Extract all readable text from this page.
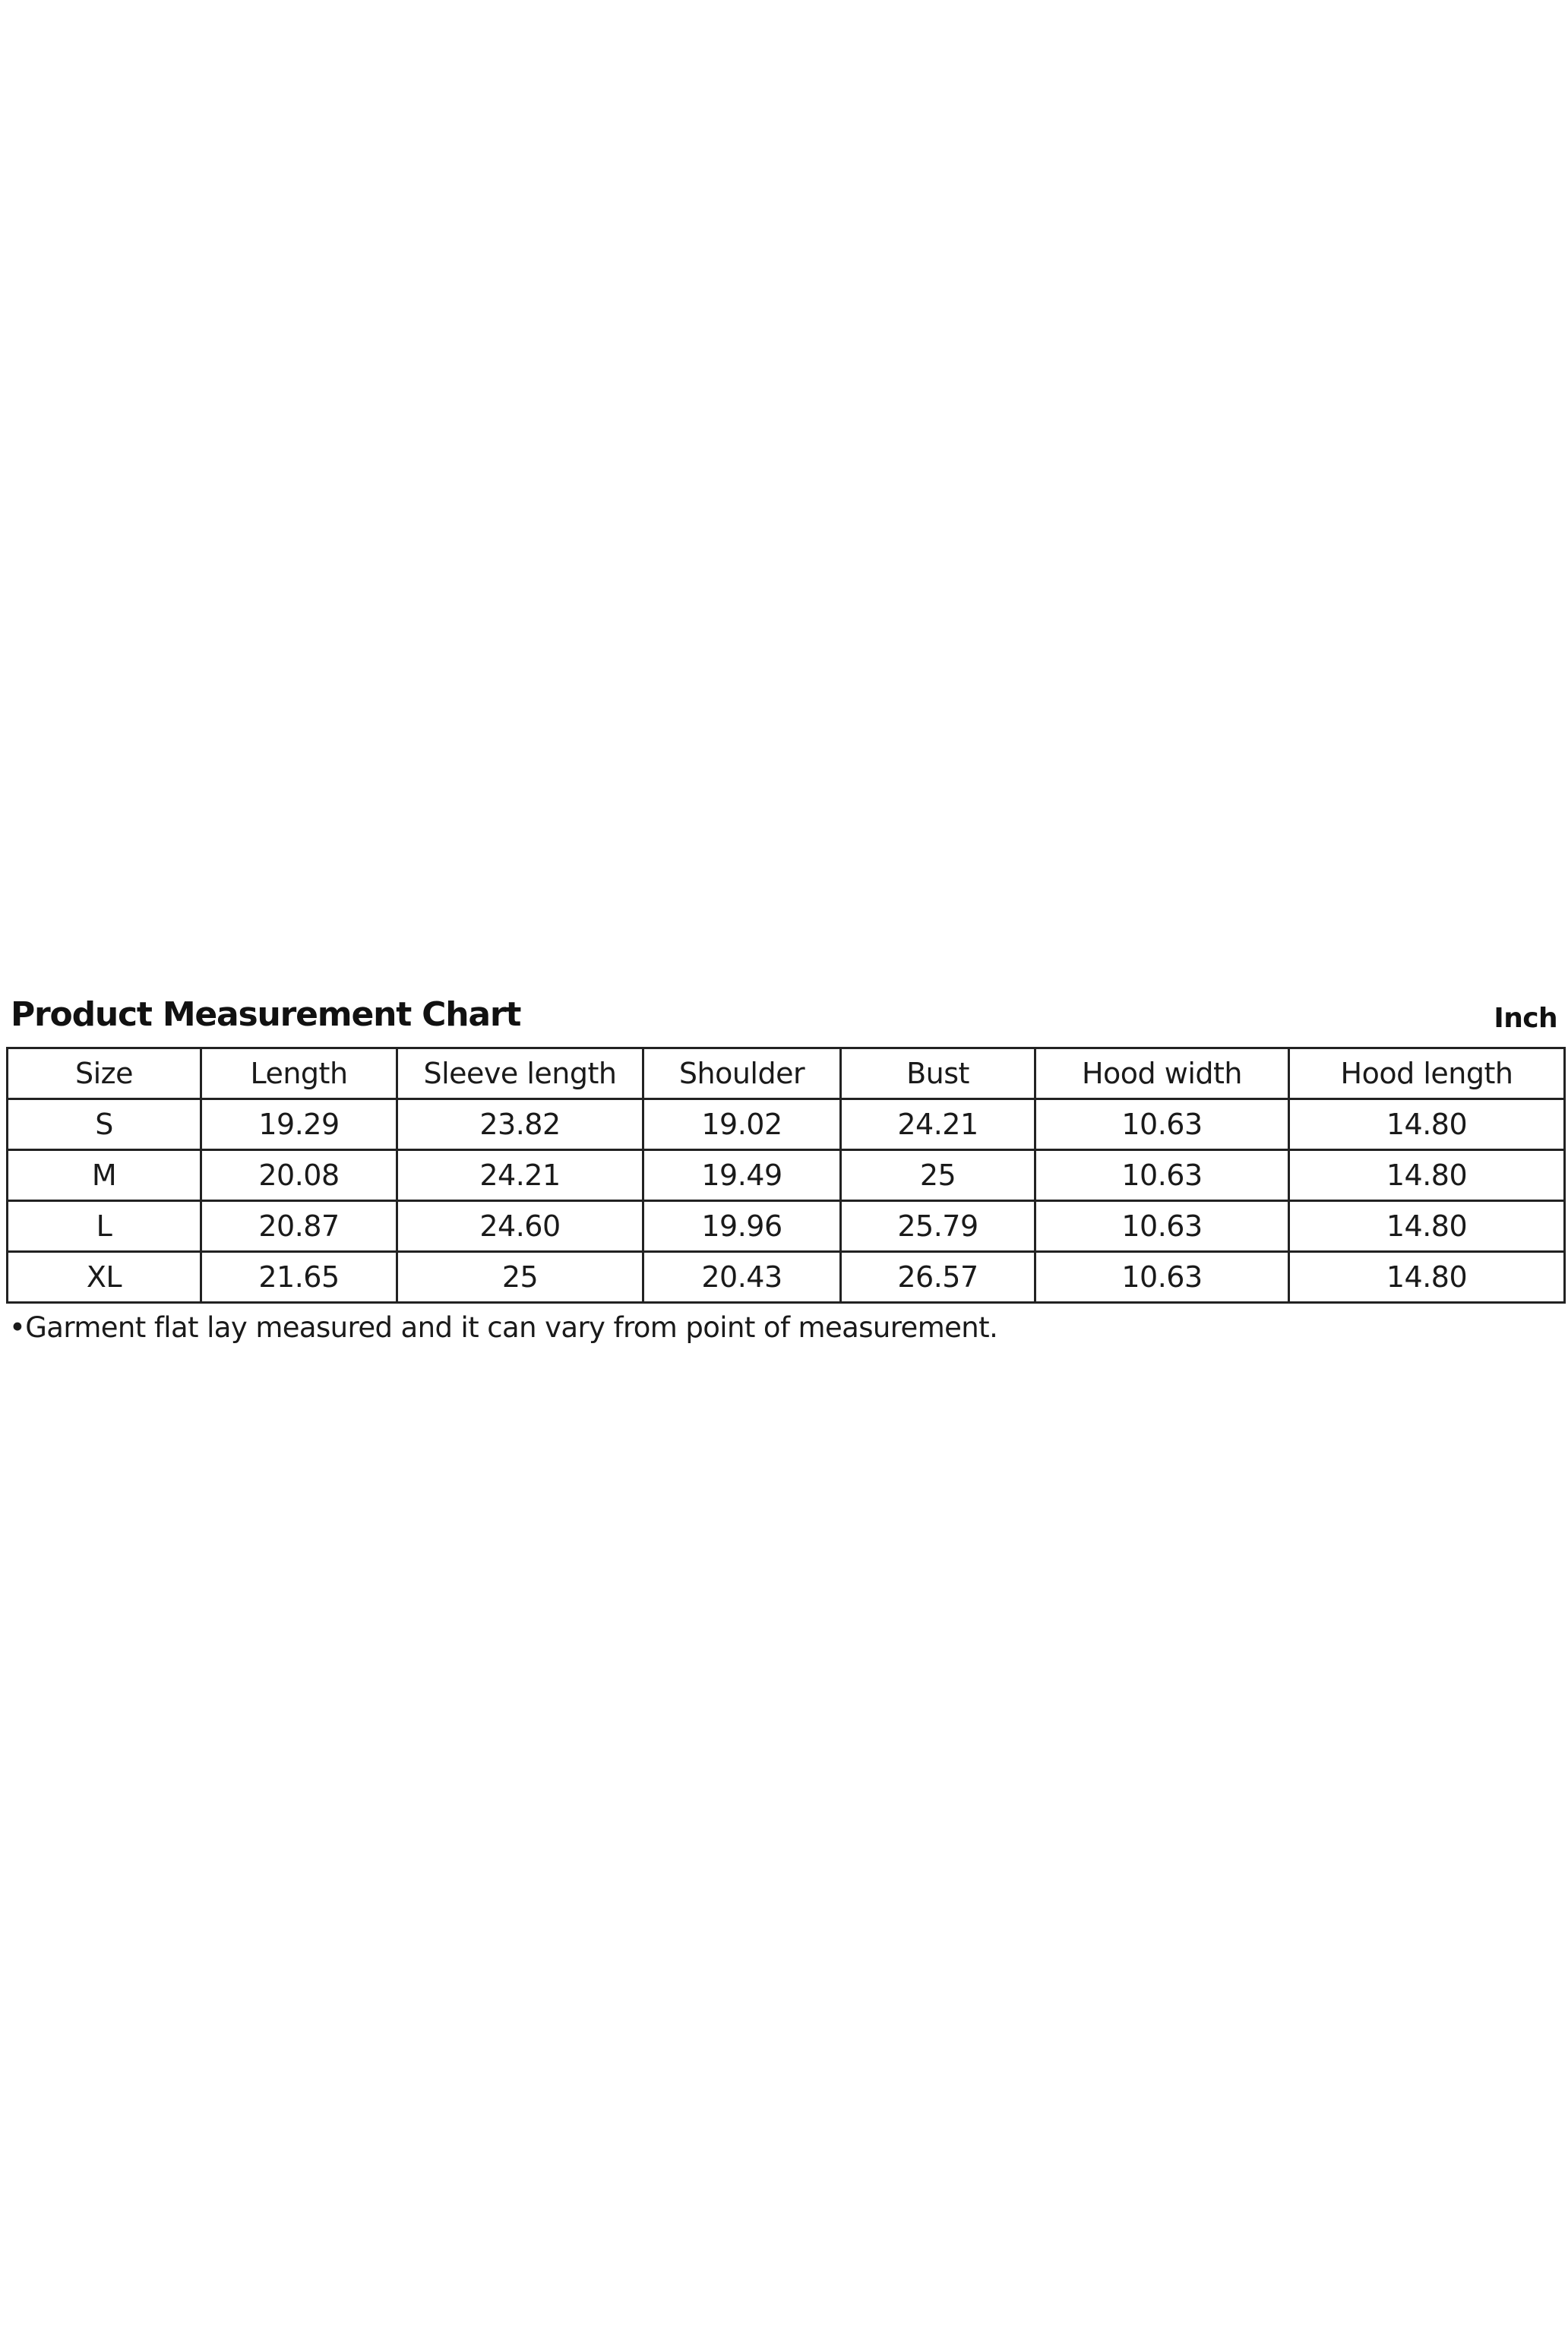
Product Measurement Chart	Inch
Size	Length	Sleeve length	Shoulder	Bust	Hood width	Hood length
S	19.29	23.82	19.02	24.21	10.63	14.80
M	20.08	24.21	19.49	25	10.63	14.80
L	20.87	24.60	19.96	25.79	10.63	14.80
XL	21.65	25	20.43	26.57	10.63	14.80
•Garment flat lay measured and it can vary from point of measurement.
